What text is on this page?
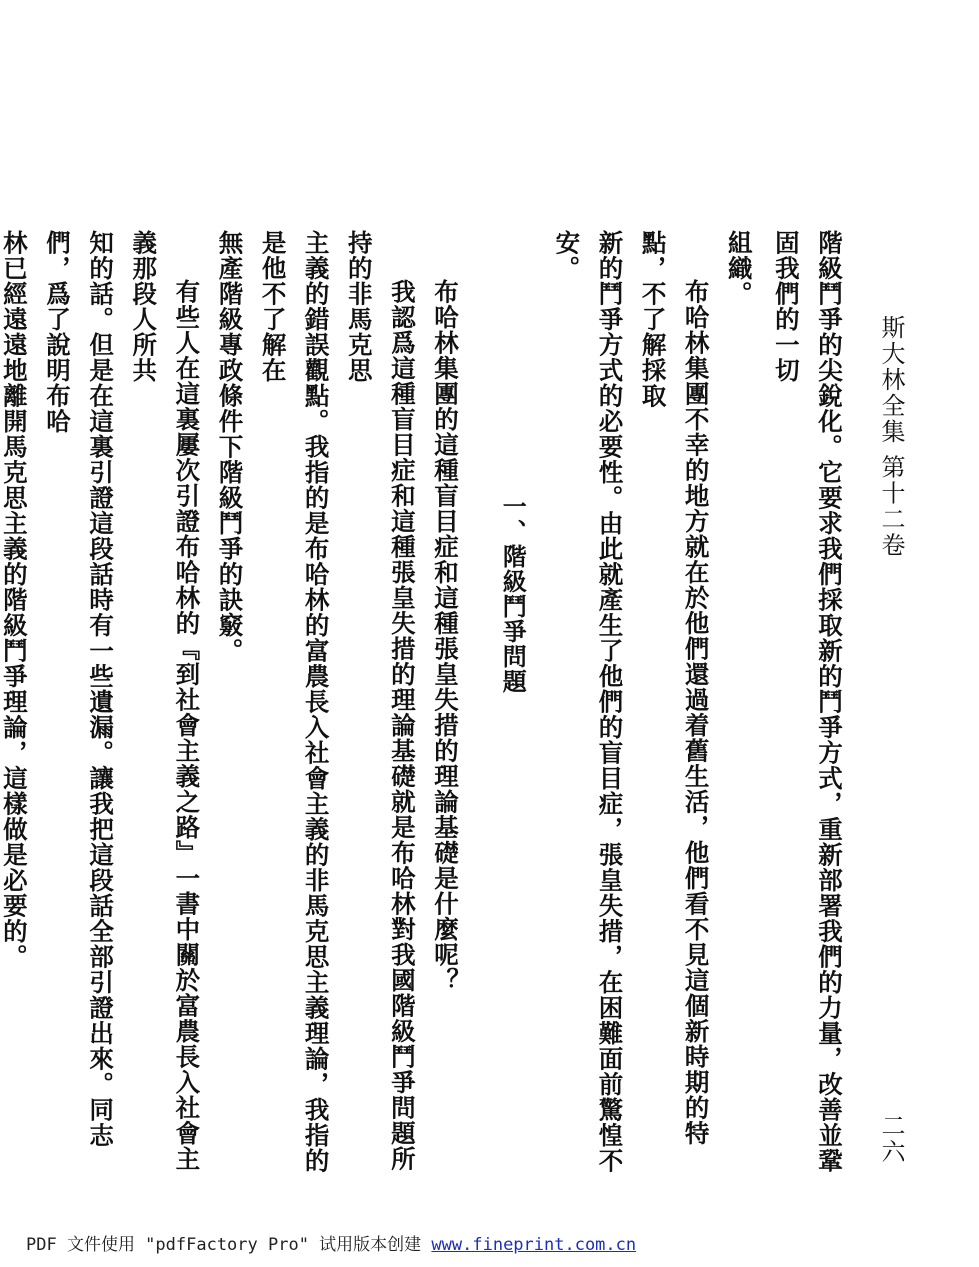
斯大林全集 第十二卷
二六
階級鬥爭的尖銳化。它要求我們採取新的鬥爭方式，重新部署我們的力量，改善並鞏固我們的一切
組織。
布哈林集團不幸的地方就在於他們還過着舊生活，他們看不見這個新時期的特點，不了解採取
新的鬥爭方式的必要性。由此就產生了他們的盲目症，張皇失措，在困難面前驚惶不安。
一、階級鬥爭問題
布哈林集團的這種盲目症和這種張皇失措的理論基礎是什麼呢？
我認爲這種盲目症和這種張皇失措的理論基礎就是布哈林對我國階級鬥爭問題所持的非馬克思
主義的錯誤觀點。我指的是布哈林的富農長入社會主義的非馬克思主義理論，我指的是他不了解在
無產階級專政條件下階級鬥爭的訣竅。
有些人在這裏屢次引證布哈林的『到社會主義之路』一書中關於富農長入社會主義那段人所共
知的話。但是在這裏引證這段話時有一些遺漏。讓我把這段話全部引證出來。同志們，爲了說明布哈
林已經遠遠地離開馬克思主義的階級鬥爭理論，這樣做是必要的。
PDF 文件使用 "pdfFactory Pro" 试用版本创建 www.fineprint.com.cn
